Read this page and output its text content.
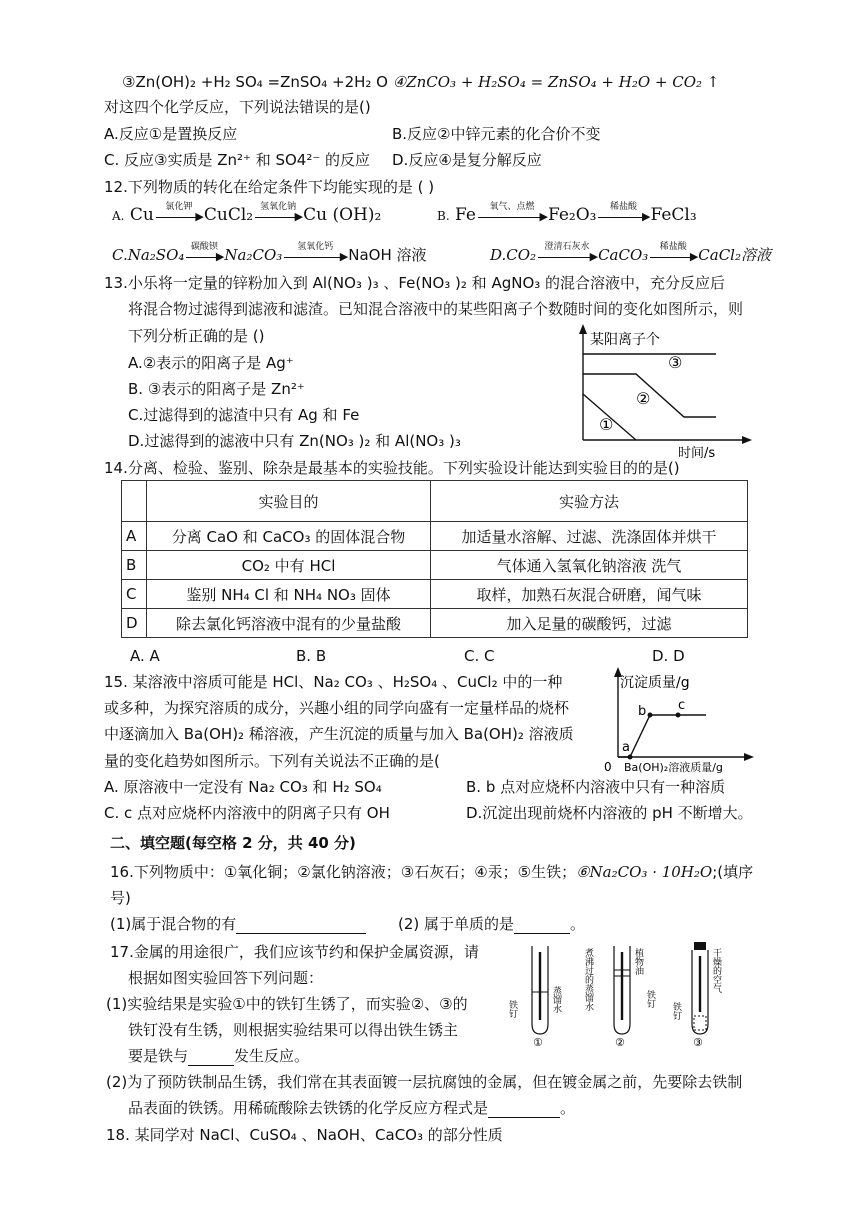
③Zn(OH)₂ +H₂ SO₄ =ZnSO₄ +2H₂ O ④ZnCO₃ + H₂SO₄ = ZnSO₄ + H₂O + CO₂ ↑
对这四个化学反应，下列说法错误的是()
A.反应①是置换反应	B.反应②中锌元素的化合价不变
C. 反应③实质是 Zn²⁺ 和 SO4²⁻ 的反应 D.反应④是复分解反应
12.下列物质的转化在给定条件下均能实现的是 ( )
A. Cu	氯化钾
▶ CuCl₂ 氢氧化钠
▶ Cu (OH)₂	B. Fe	氧气、点燃
▶ Fe₂O₃	稀盐酸
▶ FeCl₃
C.Na₂SO₄ 碳酸钡
▶ Na₂CO₃	氢氧化钙
▶ NaOH 溶液	D.CO₂ 澄清石灰水
▶ CaCO₃	稀盐酸
▶ CaCl₂溶液
13.小乐将一定量的锌粉加入到 Al(NO₃ )₃ 、Fe(NO₃ )₂ 和 AgNO₃ 的混合溶液中，充分反应后
将混合物过滤得到滤液和滤渣。已知混合溶液中的某些阳离子个数随时间的变化如图所示，则
下列分析正确的是 ()
A.②表示的阳离子是 Ag⁺
B. ③表示的阳离子是 Zn²⁺
C.过滤得到的滤渣中只有 Ag 和 Fe
D.过滤得到的滤液中只有 Zn(NO₃ )₂ 和 Al(NO₃ )₃
某阳离子个
③
②
①
时间/s
14.分离、检验、鉴别、除杂是最基本的实验技能。下列实验设计能达到实验目的的是()
	实验目的	实验方法
A	分离 CaO 和 CaCO₃ 的固体混合物	加适量水溶解、过滤、洗涤固体并烘干
B	CO₂ 中有 HCl	气体通入氢氧化钠溶液 洗气
C	鉴别 NH₄ Cl 和 NH₄ NO₃ 固体	取样，加熟石灰混合研磨，闻气味
D	除去氯化钙溶液中混有的少量盐酸	加入足量的碳酸钙，过滤
A. A	B. B	C. C	D. D
15. 某溶液中溶质可能是 HCl、Na₂ CO₃ 、H₂SO₄ 、CuCl₂ 中的一种
或多种，为探究溶质的成分，兴趣小组的同学向盛有一定量样品的烧杯
中逐滴加入 Ba(OH)₂ 稀溶液，产生沉淀的质量与加入 Ba(OH)₂ 溶液质
量的变化趋势如图所示。下列有关说法不正确的是(
A. 原溶液中一定没有 Na₂ CO₃ 和 H₂ SO₄	B. b 点对应烧杯内溶液中只有一种溶质
C. c 点对应烧杯内溶液中的阴离子只有 OH	D.沉淀出现前烧杯内溶液的 pH 不断增大。
沉淀质量/g
a
b c
0 Ba(OH)₂溶液质量/g
二、填空题(每空格 2 分，共 40 分)
16.下列物质中：①氧化铜；②氯化钠溶液；③石灰石；④汞；⑤生铁；⑥Na₂CO₃ · 10H₂O;(填序
号)
(1)属于混合物的有	(2) 属于单质的是	。
17.金属的用途很广，我们应该节约和保护金属资源，请
根据如图实验回答下列问题：
(1)实验结果是实验①中的铁钉生锈了，而实验②、③的
铁钉没有生锈，则根据实验结果可以得出铁生锈主
要是铁与	发生反应。
铁钉	蒸馏水
①
煮沸过的蒸馏水	植物油
铁钉
②
干燥的空气
铁钉
③
(2)为了预防铁制品生锈，我们常在其表面镀一层抗腐蚀的金属，但在镀金属之前，先要除去铁制
品表面的铁锈。用稀硫酸除去铁锈的化学反应方程式是	。
18. 某同学对 NaCl、CuSO₄ 、NaOH、CaCO₃ 的部分性质
